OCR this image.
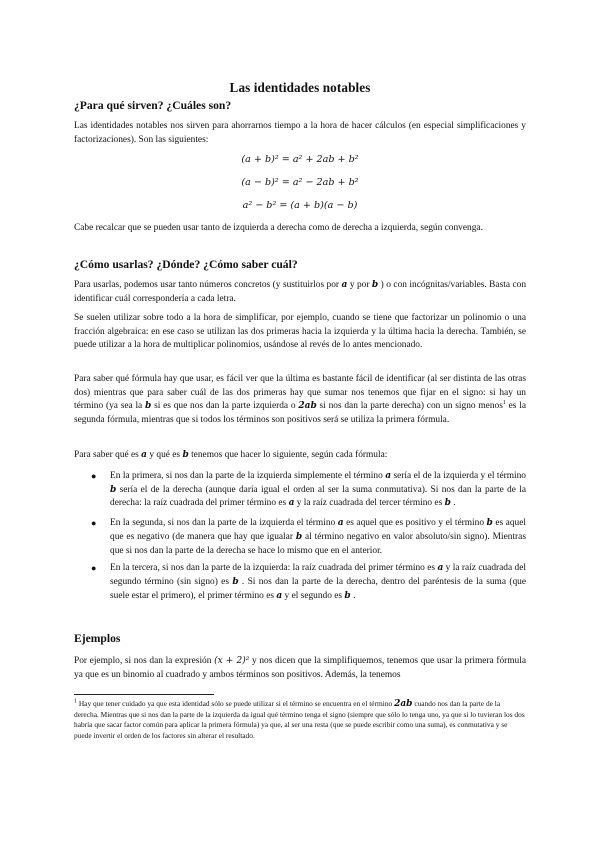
Las identidades notables
¿Para qué sirven? ¿Cuáles son?

Las identidades notables nos sirven para ahorrarnos tiempo a la hora de hacer cálculos (en especial simplificaciones y factorizaciones). Son las siguientes:

(a + b)² = a² + 2ab + b²
(a − b)² = a² − 2ab + b²
a² − b² = (a + b)(a − b)

Cabe recalcar que se pueden usar tanto de izquierda a derecha como de derecha a izquierda, según convenga.

¿Cómo usarlas? ¿Dónde? ¿Cómo saber cuál?

Para usarlas, podemos usar tanto números concretos (y sustituirlos por a y por b ) o con incógnitas/variables. Basta con identificar cuál correspondería a cada letra.

Se suelen utilizar sobre todo a la hora de simplificar, por ejemplo, cuando se tiene que factorizar un polinomio o una fracción algebraica: en ese caso se utilizan las dos primeras hacia la izquierda y la última hacia la derecha. También, se puede utilizar a la hora de multiplicar polinomios, usándose al revés de lo antes mencionado.

Para saber qué fórmula hay que usar, es fácil ver que la última es bastante fácil de identificar (al ser distinta de las otras dos) mientras que para saber cuál de las dos primeras hay que sumar nos tenemos que fijar en el signo: si hay un término (ya sea la b si es que nos dan la parte izquierda o 2ab si nos dan la parte derecha) con un signo menos$^1$ es la segunda fórmula, mientras que si todos los términos son positivos será se utiliza la primera fórmula.

Para saber qué es a y qué es b tenemos que hacer lo siguiente, según cada fórmula:

● En la primera, si nos dan la parte de la izquierda simplemente el término a sería el de la izquierda y el término b sería el de la derecha (aunque daría igual el orden al ser la suma conmutativa). Si nos dan la parte de la derecha: la raíz cuadrada del primer término es a y la raíz cuadrada del tercer término es b .
● En la segunda, si nos dan la parte de la izquierda el término a es aquel que es positivo y el término b es aquel que es negativo (de manera que hay que igualar b al término negativo en valor absoluto/sin signo). Mientras que si nos dan la parte de la derecha se hace lo mismo que en el anterior.
● En la tercera, si nos dan la parte de la izquierda: la raíz cuadrada del primer término es a y la raíz cuadrada del segundo término (sin signo) es b . Si nos dan la parte de la derecha, dentro del paréntesis de la suma (que suele estar el primero), el primer término es a y el segundo es b .
Ejemplos

Por ejemplo, si nos dan la expresión (x + 2)² y nos dicen que la simplifiquemos, tenemos que usar la primera fórmula ya que es un binomio al cuadrado y ambos términos son positivos. Además, la tenemos

$^1$ Hay que tener cuidado ya que esta identidad sólo se puede utilizar si el término se encuentra en el término 2ab cuando nos dan la parte de la derecha. Mientras que si nos dan la parte de la izquierda da igual qué término tenga el signo (siempre que sólo lo tenga uno, ya que si lo tuvieran los dos habría que sacar factor común para aplicar la primera fórmula) ya que, al ser una resta (que se puede escribir como una suma), es conmutativa y se puede invertir el orden de los factores sin alterar el resultado.
